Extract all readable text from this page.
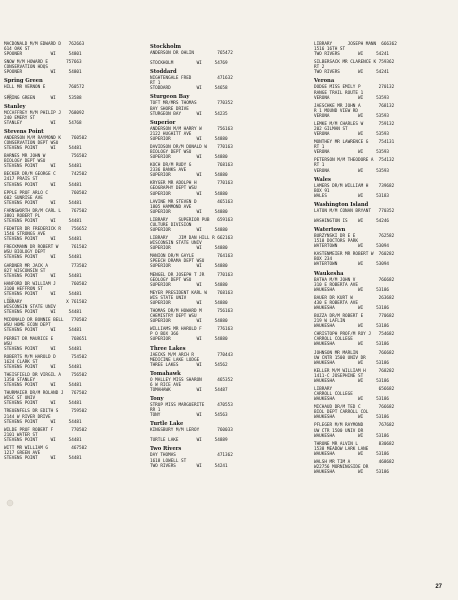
MACDONALD M/M EDWARD D   762663
614 OAK ST
SPOONER           WI     54801
SNOW M/M HOWARD E       757663
CONSERVATION HDQS
SPOONER           WI     54801
Spring Green
HILL MR VERNON E         760572

SPRING GREEN      WI     53588
Stanley
MCCAFFREY M/M PHILIP J   768092
240 EMERY ST
STANLEY           WI     54768
Stevens Point
ANDERSON M/M RAYMOND K    760502
CONSERVATION DEPT WSU
STEVENS POINT     WI     54481
BARNES MR JOHN W          756502
BIOLOGY DEPT WSU
STEVENS POINT     WI     54481
BECKER DR/M GEORGE C      742502
2417 PRAIS ST
STEVENS POINT     WI     54481
EPPLE PROF ARLO C         760502
602 SUNRISE AVE
STEVENS POINT     WI     54481
FARNSWORTH DR/M CARL L    767502
3801 ROBERT PL
STEVENS POINT     WI     54481
FEDHTER DR FREDERICK R    756652
1546 STRONGS AVE
STEVENS POINT     WI     54481
FRECKMANN DR ROBERT W     761502
WSU BIOLOGY DEPT
STEVENS POINT     WI     54481
GARDNER MR JACK A         773502
827 WISCONSIN ST
STEVENS POINT     WI     54481
HANFORD DR WILLIAM J      760502
3100 HEFFRON ST
STEVENS POINT     WI     54481
LIBRARY                 X 761502
WISCONSIN STATE UNIV
STEVENS POINT     WI     54481
MCDONALD DR BONNIE BELL   770502
WSU HOME ECON DEPT
STEVENS POINT     WI     54481
PERRET DR MAURICE E       768651
WSU
STEVENS POINT     WI     54481
ROBERTS M/M HAROLD D      754502
1624 CLARK ST
STEVENS POINT     WI     54481
THEISFIELD DR VIRGIL A    756502
1350 STANLEY
STEVENS POINT     WI     54481
THURMAIER DR/M ROLAND J   767502
WISC ST UNIV
STEVENS POINT     WI     54481
TREUENFELS DR EDITH S     759502
2144 W RIVER DRIVE
STEVENS POINT     WI     54481
WILDE PROF ROBERT F       770502
2101 WATER ST
STEVENS POINT     WI     54481
WITT MR WILLIAM G         467502
1217 GREEN AVE
STEVENS POINT     WI     54481
Stockholm
ANDERSON DR OHLIN         765472

STOCKHOLM         WI     54769
Stoddard
NIGHTENGALE FRED          471632
RT 1
STODDARD          WI     54658
Sturgeon Bay
TOFT MR/MRS THOMAS        770352
BAY SHORE DRIVE
STURGEON BAY      WI     54235
Superior
ANDERSON M/M HARRY W      756163
2122 HUGHITT AVE
SUPERIOR          WI     54880
DAVIDSON DR/M DONALD W    770163
BIOLOGY DEPT WSU
SUPERIOR          WI     54880
KOCH DR/M RUDY G          768163
2336 BANKS AVE
SUPERIOR          WI     54880
KRYGER MR ADOLPH H        770163
GEOGRAPHY DEPT WSU
SUPERIOR          WI     54880
LAVINE MR STEVEN D        465163
1805 HAMMOND AVE
SUPERIOR          WI     54880
LIBRARY    SUPERIOR PUB   659163
CULTURE DIVISION
SUPERIOR          WI     54880
LIBRARY    JIM DAN HILL R 662163
WISCONSIN STATE UNIV
SUPERIOR          WI     54880
MANION DR/M GAYLE         764163
SPEECH DRAMA DEPT WSU
SUPERIOR          WI     54880
MENGEL DR JOSEPH T JR     770163
GEOLOGY DEPT WSU
SUPERIOR          WI     54880
MEYER PRESIDENT KARL W    768163
WIS STATE UNIV
SUPERIOR          WI     54880
THOMAS DR/M HOWARD M      756163
CHEMISTRY DEPT WSU
SUPERIOR          WI     54880
WILLIAMS MR HAROLD F      776163
P O BOX 366
SUPERIOR          WI     54880
Three Lakes
JAECKS M/M ARCH R         770443
MEDICINE LAKE LODGE
THREE LAKES       WI     54562
Tomahawk
O MALLEY MISS SHARON      465352
6 W RICE AVE
TOMAHAWK          WI     54487
Tony
STRUP MISS MARGUERITE     470553
RR 1
TONY              WI     54563
Turtle Lake
KINGSBURY M/M LEROY       760033

TURTLE LAKE       WI     54889
Two Rivers
DAY THOMAS                471362
1618 LOWELL ST
TWO RIVERS        WI     54241
LIBRARY      JOSEPH MANN  666362
1516 16TH ST
TWO RIVERS       WI     54241
SILBERSACK MR CLARENCE K 759362
RT 2
TWO RIVERS       WI     54241
Verona
DODGE MISS EMILY P       270132
RANGE TRAIL ROUTE 1
VERONA           WI     53593
JAESCHKE MR JOHN A       768132
R 1 MOUND VIEW RD
VERONA           WI     53593
LEMKE M/M CHARLES W      759132
202 GILMAN ST
VERONA           WI     53593
MONTHEY MR LAWRENCE G    754131
RT 1
VERONA           WI     53593
PETERSON M/M THEODORE A  754132
RT 1
VERONA           WI     53593
Wales
LAMERS DR/M WILLIAM H    739682
BOX 91
WALES            WI     53183
Washington Island
LATON M/M CONAN BRYANT   770352

WASHINGTON IS    WI     54246
Watertown
BURZYNSKI DR E E         762582
1518 DOCTORS PARK
WATERTOWN        WI     53094
KASTENMEIER MR ROBERT W  760282
BOX 234
WATERTOWN        WI     53094
Waukesha
BATHA M/M JOHN V         766682
310 E ROBERTA AVE
WAUKESHA         WI     53186
BAUER DR KURT W          263682
430 E ROBERTA AVE
WAUKESHA         WI     53186
BUZZA DR/M ROBERT E      770682
219 W LAFLIN
WAUKESHA         WI     53186
CHRISTOPH PROF/M ROY J   754682
CARROLL COLLEGE
WAUKESHA         WI     53186
JOHNSON MR MARLIN        766682
UW CNTR 1500 UNIV DR
WAUKESHA         WI     53186
KELLER M/M WILLIAM H     768282
1411-C JOSEPHINE ST
WAUKESHA         WI     53186
LIBRARY                  656682
CARROLL COLLEGE
WAUKESHA         WI     53186
MICHAUD DR/M TED C       766682
BIOL DEPT CARROLL COL
WAUKESHA         WI     53186
PFLEGER M/M RAYMOND      767682
UW CTR 1500 UNIV DR
WAUKESHA         WI     53186
THRONE MR ALVIN L        830682
1538 MEADOW LARK LANE
WAUKESHA         WI     53186
WALSH MR TIM A           468682
W22756 MORNINGSIDE DR
WAUKESHA         WI     53186
27
